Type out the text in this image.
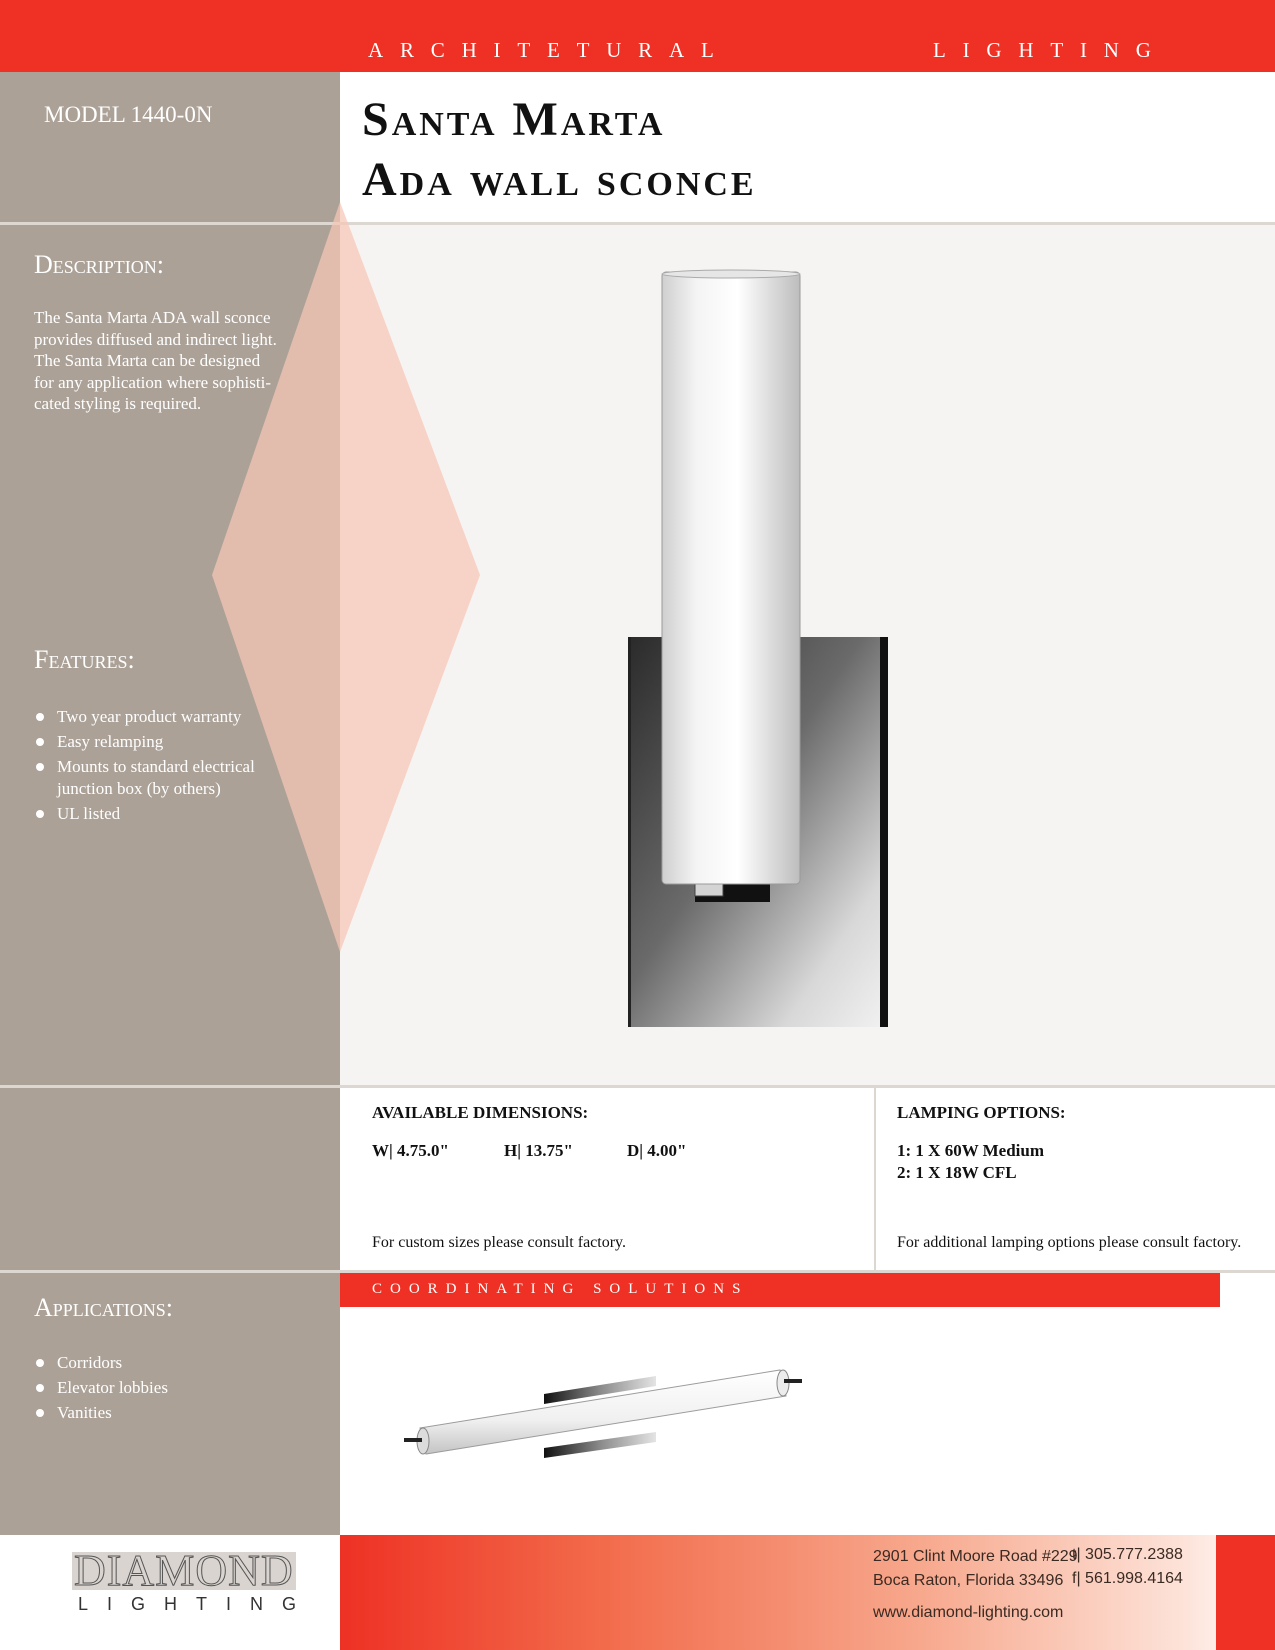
ARCHITETURAL	LIGHTING
MODEL 1440-0N	Santa Marta
Ada wall sconce
Description:
The Santa Marta ADA wall sconce
provides diffused and indirect light.
The Santa Marta can be designed
for any application where sophisti-
cated styling is required.
Features:
Two year product warranty
Easy relamping
Mounts to standard electrical junction box (by others)
UL listed
AVAILABLE DIMENSIONS:
W| 4.75.0"	H| 13.75"	D| 4.00"
For custom sizes please consult factory.
LAMPING OPTIONS:
1: 1 X 60W Medium
2: 1 X 18W CFL
For additional lamping options please consult factory.
Applications:
Corridors
Elevator lobbies
Vanities
COORDINATING SOLUTIONS
2901 Clint Moore Road #229
Boca Raton, Florida 33496
www.diamond-lighting.com
t| 305.777.2388
f| 561.998.4164
DIAMOND
LIGHTING
